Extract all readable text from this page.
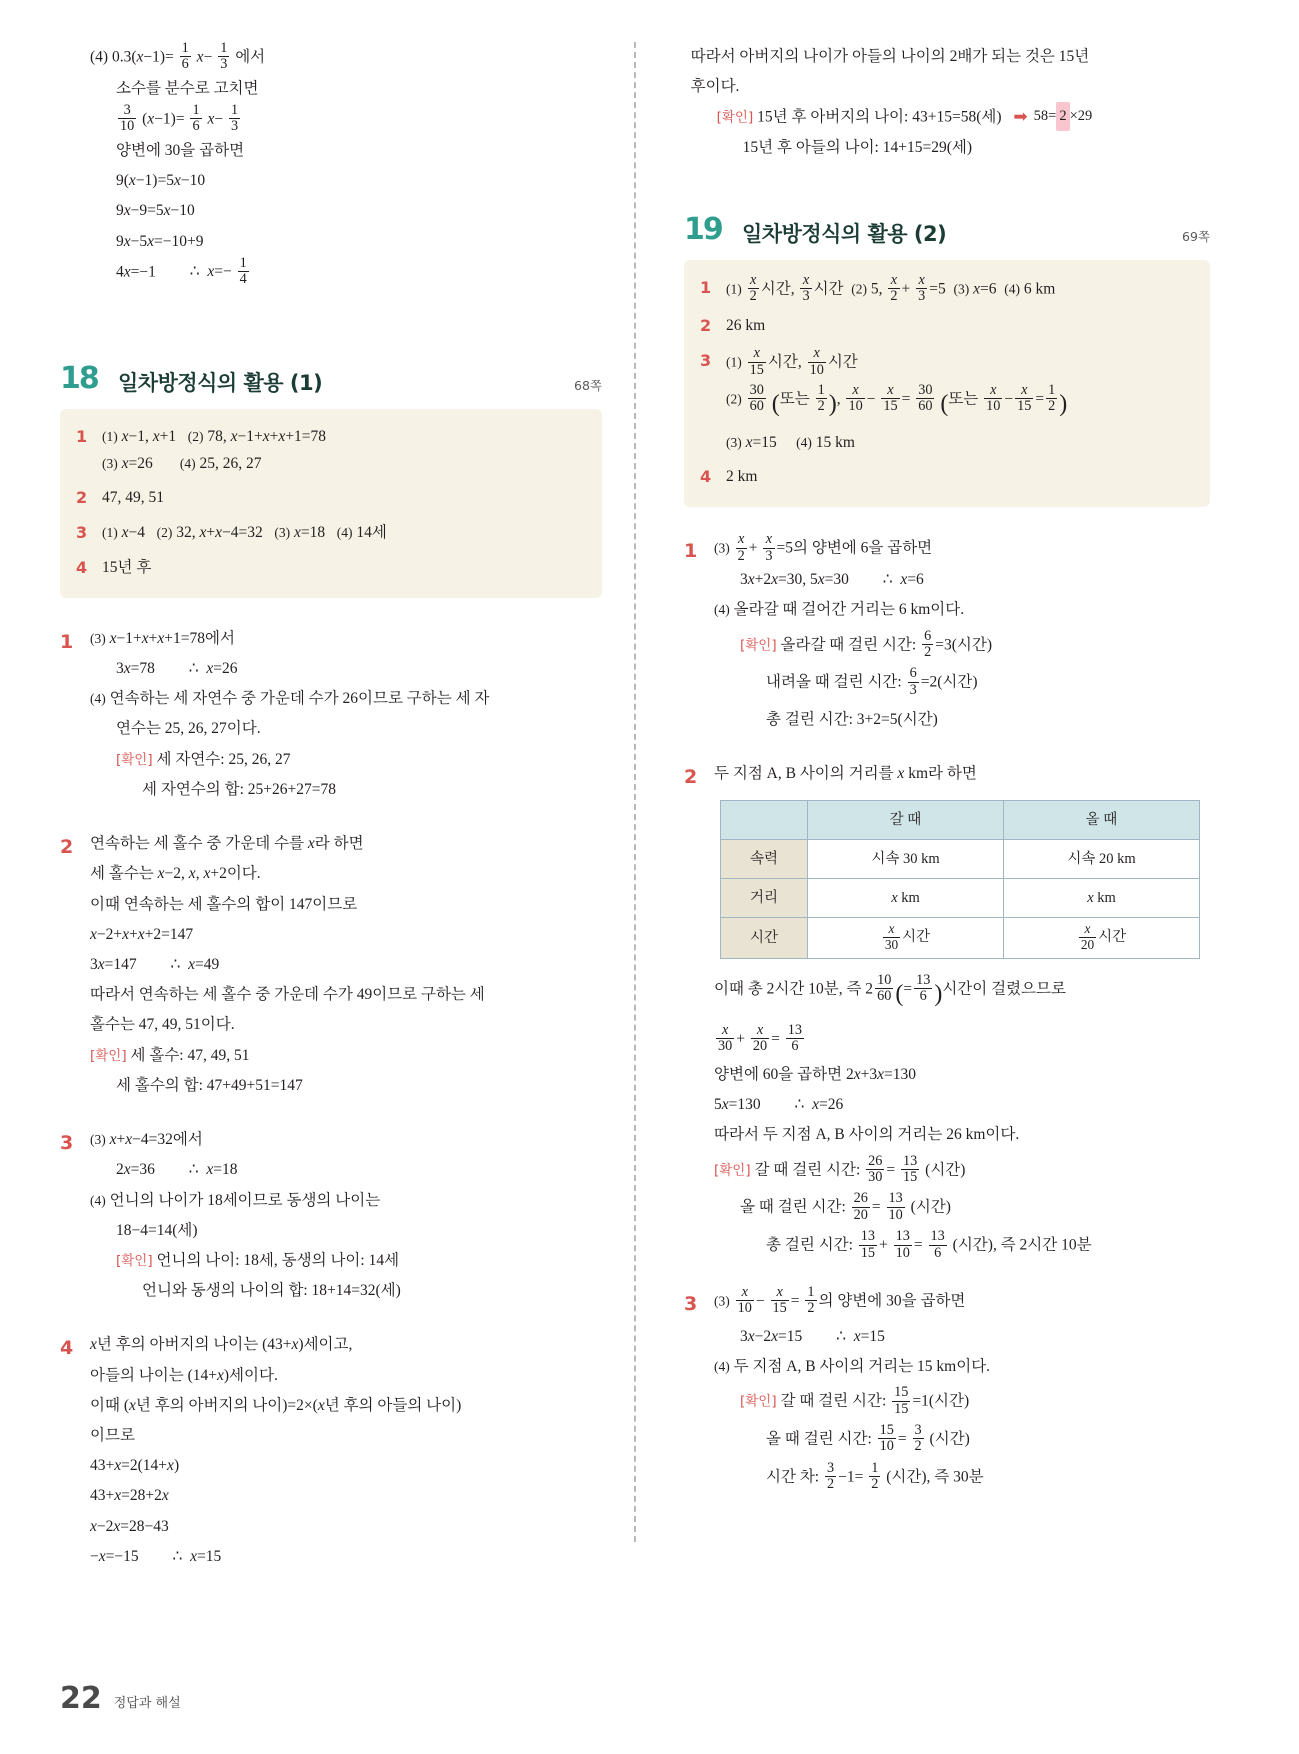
(4) $0.3(x-1)= \frac{1}{6} x- \frac{1}{3}$ 에서
소수를 분수로 고치면
$\frac{3}{10} (x-1)= \frac{1}{6} x- \frac{1}{3}$
양변에 30을 곱하면
9(x−1)=5x−10
9x−9=5x−10
9x−5x=−10+9
4x=−1 ∴  $x=- \frac{1}{4}$
18 일차방정식의 활용 (1)	68쪽
1	(1) x−1, x+1 (2) 78, x−1+x+x+1=78
(3) x=26 (4) 25, 26, 27
2 47, 49, 51
3	(1) x−4 (2) 32, x+x−4=32 (3) x=18 (4) 14세
4 15년 후
1	(3) x−1+x+x+1=78에서
3x=78 ∴  x=26
(4) 연속하는 세 자연수 중 가운데 수가 26이므로 구하는 세 자
연수는 25, 26, 27이다.
[확인] 세 자연수: 25, 26, 27
세 자연수의 합: 25+26+27=78
2	연속하는 세 홀수 중 가운데 수를 x라 하면
세 홀수는 x−2, x, x+2이다.
이때 연속하는 세 홀수의 합이 147이므로
x−2+x+x+2=147
3x=147 ∴  x=49
따라서 연속하는 세 홀수 중 가운데 수가 49이므로 구하는 세
홀수는 47, 49, 51이다.
[확인] 세 홀수: 47, 49, 51
세 홀수의 합: 47+49+51=147
3	(3) x+x−4=32에서
2x=36 ∴  x=18
(4) 언니의 나이가 18세이므로 동생의 나이는
18−4=14(세)
[확인] 언니의 나이: 18세, 동생의 나이: 14세
언니와 동생의 나이의 합: 18+14=32(세)
4	x년 후의 아버지의 나이는 (43+x)세이고,
아들의 나이는 (14+x)세이다.
이때 (x년 후의 아버지의 나이)=2×(x년 후의 아들의 나이)
이므로
43+x=2(14+x)
43+x=28+2x
x−2x=28−43
−x=−15 ∴  x=15

따라서 아버지의 나이가 아들의 나이의 2배가 되는 것은 15년
후이다.
[확인] 15년 후 아버지의 나이: 43+15=58(세) ➡ 58= 2 ×29
15년 후 아들의 나이: 14+15=29(세)
19 일차방정식의 활용 (2)	69쪽
1	$(1) \frac{x}{2}$ 시간, $\frac{x}{3}$ 시간  (2) 5, $\frac{x}{2} + \frac{x}{3} =5$  (3) x=6  (4) 6 km
2 26 km
3	$(1) \frac{x}{15}$ 시간, $\frac{x}{10}$ 시간
$(2) \frac{30}{60}$ (또는 $\frac{1}{2}$ ), $\frac{x}{10} - \frac{x}{15} = \frac{30}{60}$ (또는 $\frac{x}{10} - \frac{x}{15} = \frac{1}{2}$ )
(3) x=15     (4) 15 km
4 2 km
1	$(3) \frac{x}{2} + \frac{x}{3} =5$의 양변에 6을 곱하면
3x+2x=30, 5x=30 ∴  x=6
(4) 올라갈 때 걸어간 거리는 6 km이다.
[확인] 올라갈 때 걸린 시간: $\frac{6}{2} =3$(시간)
내려올 때 걸린 시간: $\frac{6}{3} =2$(시간)
총 걸린 시간: 3+2=5(시간)
2	두 지점 A, B 사이의 거리를 x km라 하면
	갈 때	올 때
속력	시속 30 km	시속 20 km
거리	x km	x km
시간	$\frac{x}{30}$ 시간	$\frac{x}{20}$ 시간
이때 총 2시간 10분, 즉 $2 \frac{10}{60}$ (= $\frac{13}{6}$ )시간이 걸렸으므로
$\frac{x}{30} + \frac{x}{20} = \frac{13}{6}$
양변에 60을 곱하면 2x+3x=130
5x=130 ∴  x=26
따라서 두 지점 A, B 사이의 거리는 26 km이다.
[확인] 갈 때 걸린 시간: $\frac{26}{30} = \frac{13}{15}$ (시간)
올 때 걸린 시간: $\frac{26}{20} = \frac{13}{10}$ (시간)
총 걸린 시간: $\frac{13}{15} + \frac{13}{10} = \frac{13}{6}$ (시간), 즉 2시간 10분
3	$(3) \frac{x}{10} - \frac{x}{15} = \frac{1}{2}$ 의 양변에 30을 곱하면
3x−2x=15 ∴  x=15
(4) 두 지점 A, B 사이의 거리는 15 km이다.
[확인] 갈 때 걸린 시간: $\frac{15}{15} =1$(시간)
올 때 걸린 시간: $\frac{15}{10} = \frac{3}{2}$ (시간)
시간 차: $\frac{3}{2} -1= \frac{1}{2}$ (시간), 즉 30분
22 정답과 해설
